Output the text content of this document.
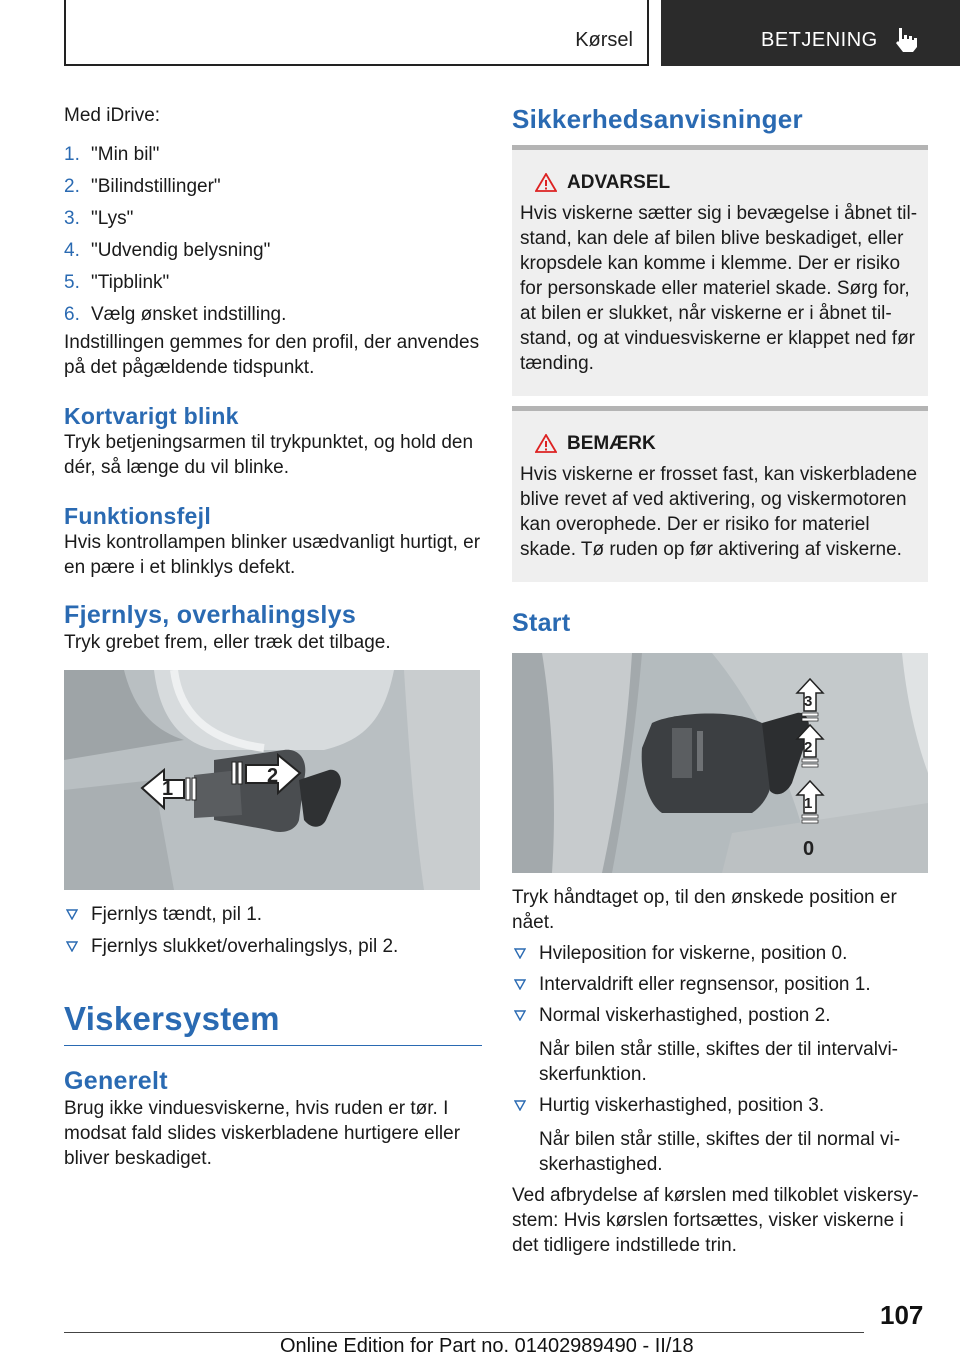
Kørsel	BETJENING

Med iDrive:

1. "Min bil"
2. "Bilindstillinger"
3. "Lys"
4. "Udvendig belysning"
5. "Tipblink"
6. Vælg ønsket indstilling.

Indstillingen gemmes for den profil, der anvendes på det pågældende tidspunkt.

Kortvarigt blink

Tryk betjeningsarmen til trykpunktet, og hold den dér, så længe du vil blinke.

Funktionsfejl

Hvis kontrollampen blinker usædvanligt hurtigt, er en pære i et blinklys defekt.

Fjernlys, overhalingslys

Tryk grebet frem, eller træk det tilbage.

1
2
Fjernlys tændt, pil 1.
Fjernlys slukket/overhalingslys, pil 2.
Viskersystem
Generelt

Brug ikke vinduesviskerne, hvis ruden er tør. I modsat fald slides viskerbladene hurtigere eller bliver beskadiget.

Sikkerhedsanvisninger
ADVARSEL

Hvis viskerne sætter sig i bevægelse i åbnet tilstand, kan dele af bilen blive beskadiget, eller kropsdele kan komme i klemme. Der er risiko for personskade eller materiel skade. Sørg for, at bilen er slukket, når viskerne er i åbnet tilstand, og at vinduesviskerne er klappet ned før tænding.

BEMÆRK

Hvis viskerne er frosset fast, kan viskerbladene blive revet af ved aktivering, og viskermotoren kan overophede. Der er risiko for materiel skade. Tø ruden op før aktivering af viskerne.

Start
3
2
1
0

Tryk håndtaget op, til den ønskede position er nået.

Hvileposition for viskerne, position 0.
Intervaldrift eller regnsensor, position 1.
Normal viskerhastighed, postion 2.

Når bilen står stille, skiftes der til intervalviskerfunktion.

Hurtig viskerhastighed, position 3.

Når bilen står stille, skiftes der til normal viskerhastighed.

Ved afbrydelse af kørslen med tilkoblet viskersystem: Hvis kørslen fortsættes, visker viskerne i det tidligere indstillede trin.

107
Online Edition for Part no. 01402989490 - II/18
